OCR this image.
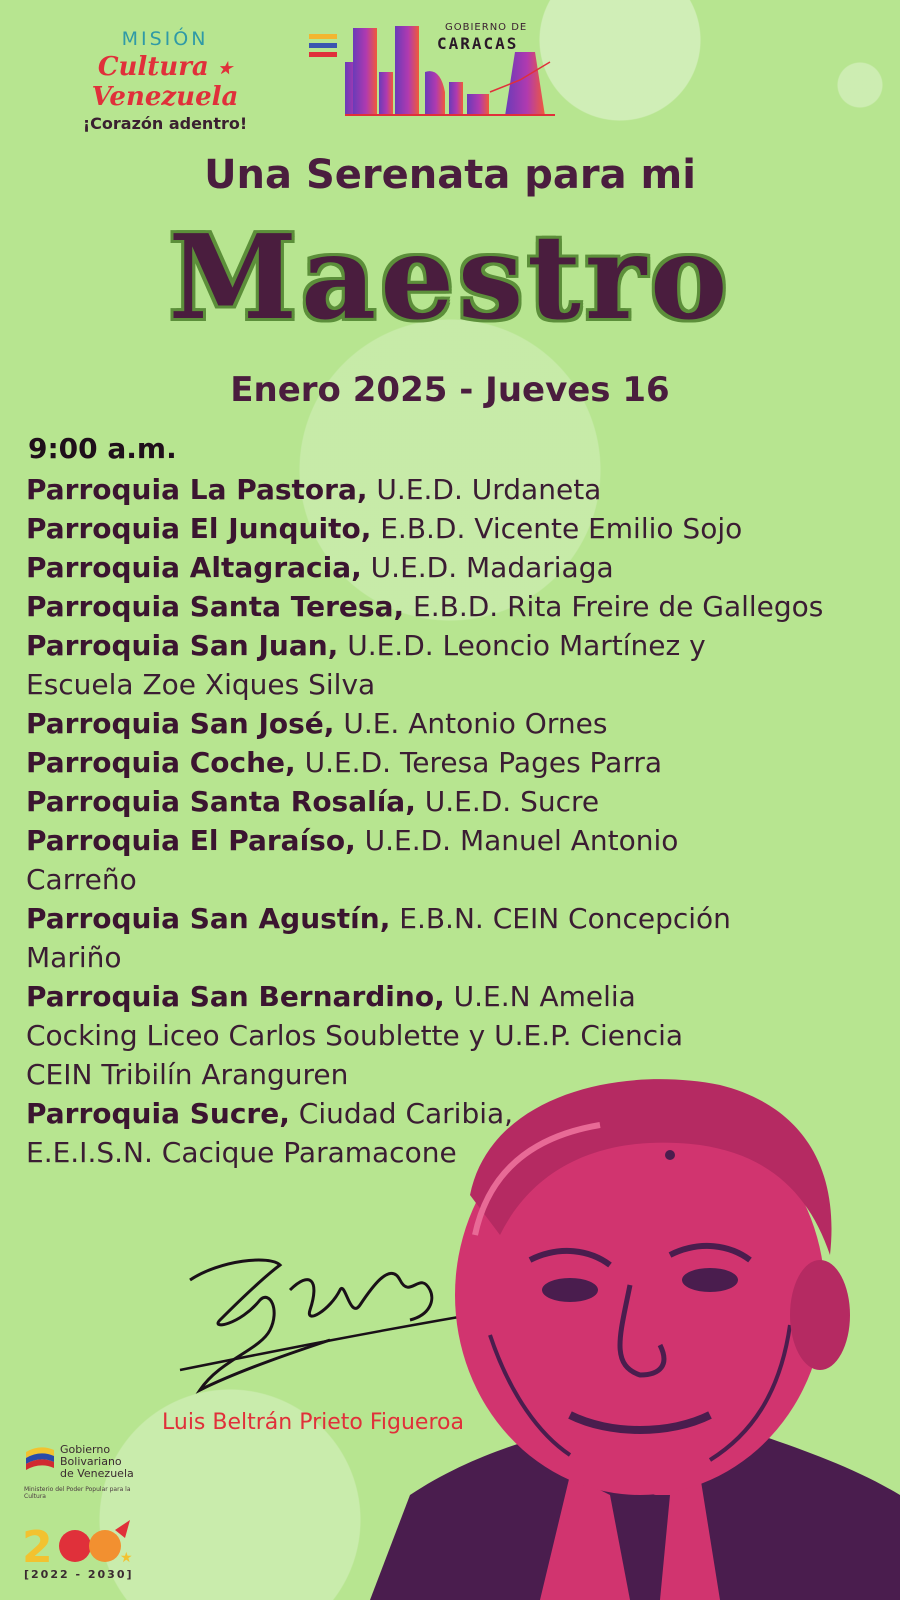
MISIÓN
Cultura ★ Venezuela
¡Corazón adentro!
GOBIERNO DE
CARACAS
Una Serenata para mi
Maestro
Enero 2025 - Jueves 16
9:00 a.m.

Parroquia La Pastora, U.E.D. Urdaneta

Parroquia El Junquito, E.B.D. Vicente Emilio Sojo

Parroquia Altagracia, U.E.D. Madariaga

Parroquia Santa Teresa, E.B.D. Rita Freire de Gallegos

Parroquia San Juan, U.E.D. Leoncio Martínez y Escuela Zoe Xiques Silva

Parroquia San José, U.E. Antonio Ornes

Parroquia Coche, U.E.D. Teresa Pages Parra

Parroquia Santa Rosalía, U.E.D. Sucre

Parroquia El Paraíso, U.E.D. Manuel Antonio Carreño

Parroquia San Agustín, E.B.N. CEIN Concepción Mariño

Parroquia San Bernardino, U.E.N Amelia Cocking Liceo Carlos Soublette y U.E.P. Ciencia CEIN Tribilín Aranguren

Parroquia Sucre, Ciudad Caribia, E.E.I.S.N. Cacique Paramacone

Luis Beltrán Prieto Figueroa
Gobierno
Bolivariano
de Venezuela
Ministerio del Poder Popular para la Cultura
2	★
[2022 - 2030]
